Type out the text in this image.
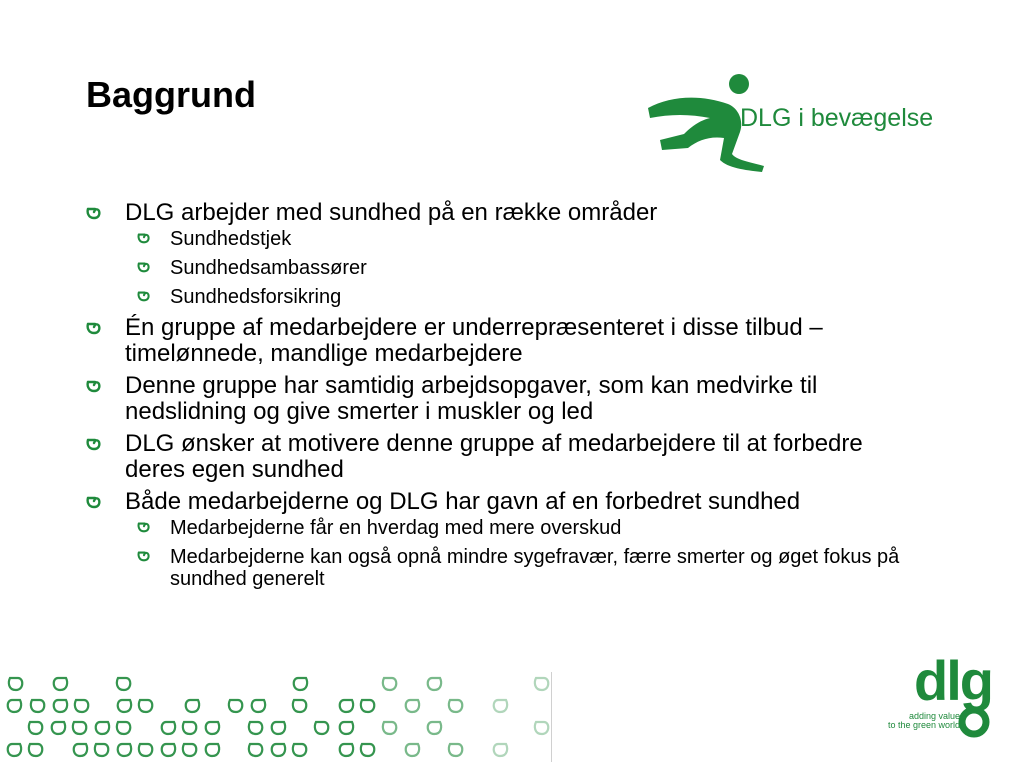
Baggrund
DLG i bevægelse
DLG arbejder med sundhed på en række områder
Sundhedstjek
Sundhedsambassører
Sundhedsforsikring
Én gruppe af medarbejdere er underrepræsenteret i disse tilbud – timelønnede, mandlige medarbejdere
Denne gruppe har samtidig arbejdsopgaver, som kan medvirke til nedslidning og give smerter i muskler og led
DLG ønsker at motivere denne gruppe af medarbejdere til at forbedre deres egen sundhed
Både medarbejderne og DLG har gavn af en forbedret sundhed
Medarbejderne får en hverdag med mere overskud
Medarbejderne kan også opnå mindre sygefravær, færre smerter og øget fokus på sundhed generelt
dlg
adding value
to the green world
